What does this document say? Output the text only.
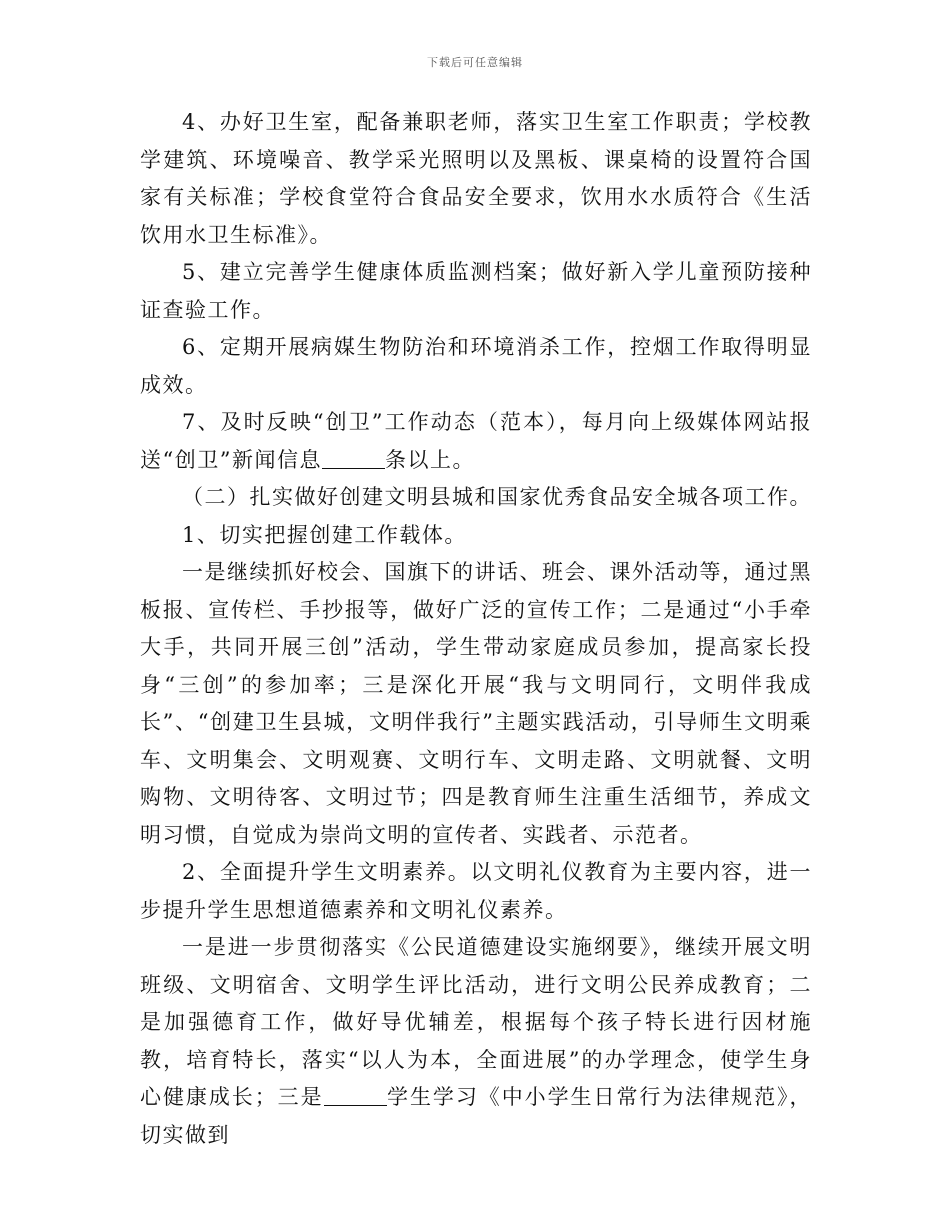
下载后可任意编辑

4、办好卫生室，配备兼职老师，落实卫生室工作职责；学校教学建筑、环境噪音、教学采光照明以及黑板、课桌椅的设置符合国家有关标准；学校食堂符合食品安全要求，饮用水水质符合《生活饮用水卫生标准》。

5、建立完善学生健康体质监测档案；做好新入学儿童预防接种证查验工作。

6、定期开展病媒生物防治和环境消杀工作，控烟工作取得明显成效。

7、及时反映“创卫”工作动态（范本），每月向上级媒体网站报送“创卫”新闻信息	条以上。

（二）扎实做好创建文明县城和国家优秀食品安全城各项工作。

1、切实把握创建工作载体。

一是继续抓好校会、国旗下的讲话、班会、课外活动等，通过黑板报、宣传栏、手抄报等，做好广泛的宣传工作；二是通过“小手牵大手，共同开展三创”活动，学生带动家庭成员参加，提高家长投身“三创”的参加率；三是深化开展“我与文明同行，文明伴我成长”、“创建卫生县城，文明伴我行”主题实践活动，引导师生文明乘车、文明集会、文明观赛、文明行车、文明走路、文明就餐、文明购物、文明待客、文明过节；四是教育师生注重生活细节，养成文明习惯，自觉成为崇尚文明的宣传者、实践者、示范者。

2、全面提升学生文明素养。以文明礼仪教育为主要内容，进一步提升学生思想道德素养和文明礼仪素养。

一是进一步贯彻落实《公民道德建设实施纲要》，继续开展文明班级、文明宿舍、文明学生评比活动，进行文明公民养成教育；二是加强德育工作，做好导优辅差，根据每个孩子特长进行因材施教，培育特长，落实“以人为本，全面进展”的办学理念，使学生身心健康成长；三是	学生学习《中小学生日常行为法律规范》，切实做到
